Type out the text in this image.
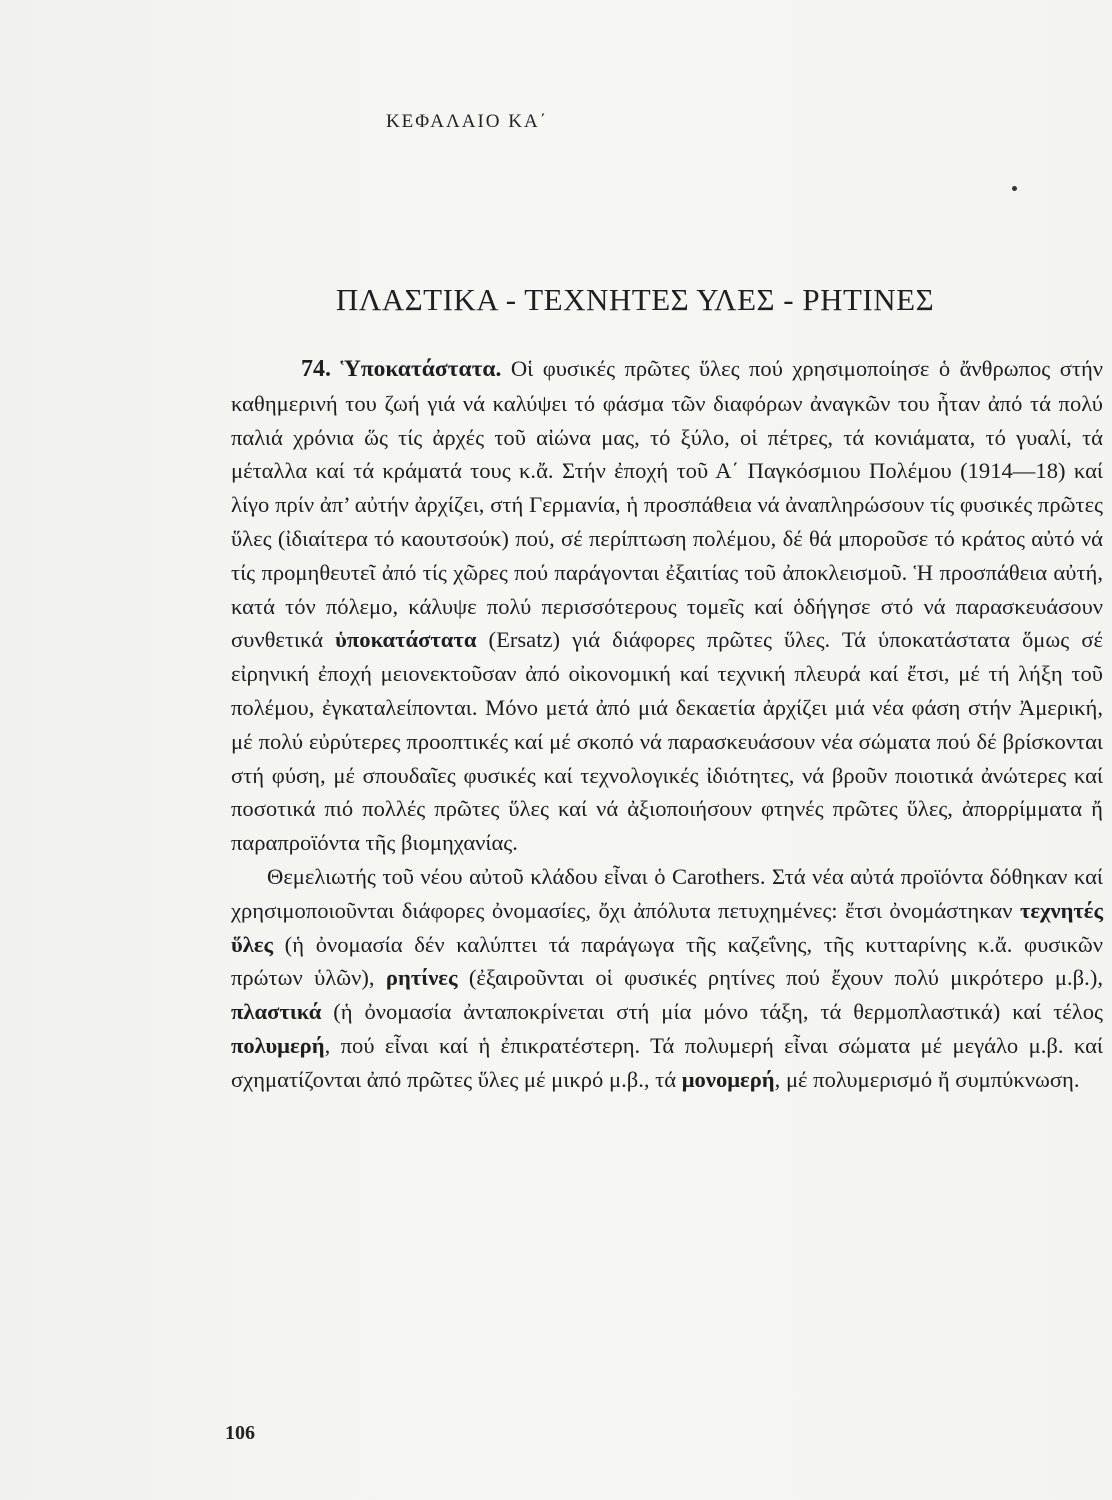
ΚΕΦΑΛΑΙΟ ΚΑ΄
ΠΛΑΣΤΙΚΑ - ΤΕΧΝΗΤΕΣ ΥΛΕΣ - ΡΗΤΙΝΕΣ

74. Ὑποκατάστατα. Οἱ φυσικές πρῶτες ὕλες πού χρησιμοποίησε ὁ ἄνθρωπος στήν καθημερινή του ζωή γιά νά καλύψει τό φάσμα τῶν διαφόρων ἀναγκῶν του ἦταν ἀπό τά πολύ παλιά χρόνια ὥς τίς ἀρχές τοῦ αἰώνα μας, τό ξύλο, οἱ πέτρες, τά κονιάματα, τό γυαλί, τά μέταλλα καί τά κράματά τους κ.ἄ. Στήν ἐποχή τοῦ Α΄ Παγκόσμιου Πολέμου (1914—18) καί λίγο πρίν ἀπ’ αὐτήν ἀρχίζει, στή Γερμανία, ἡ προσπάθεια νά ἀναπληρώσουν τίς φυσικές πρῶτες ὕλες (ἰδιαίτερα τό καουτσούκ) πού, σέ περίπτωση πολέμου, δέ θά μποροῦσε τό κράτος αὐτό νά τίς προμηθευτεῖ ἀπό τίς χῶρες πού παράγονται ἐξαιτίας τοῦ ἀποκλεισμοῦ. Ἡ προσπάθεια αὐτή, κατά τόν πόλεμο, κάλυψε πολύ περισσότερους τομεῖς καί ὁδήγησε στό νά παρασκευάσουν συνθετικά ὑποκατάστατα (Ersatz) γιά διάφορες πρῶτες ὕλες. Τά ὑποκατάστατα ὅμως σέ εἰρηνική ἐποχή μειονεκτοῦσαν ἀπό οἰκονομική καί τεχνική πλευρά καί ἔτσι, μέ τή λήξη τοῦ πολέμου, ἐγκαταλείπονται. Μόνο μετά ἀπό μιά δεκαετία ἀρχίζει μιά νέα φάση στήν Ἀμερική, μέ πολύ εὐρύτερες προοπτικές καί μέ σκοπό νά παρασκευάσουν νέα σώματα πού δέ βρίσκονται στή φύση, μέ σπουδαῖες φυσικές καί τεχνολογικές ἰδιότητες, νά βροῦν ποιοτικά ἀνώτερες καί ποσοτικά πιό πολλές πρῶτες ὕλες καί νά ἀξιοποιήσουν φτηνές πρῶτες ὕλες, ἀπορρίμματα ἤ παραπροϊόντα τῆς βιομηχανίας.

Θεμελιωτής τοῦ νέου αὐτοῦ κλάδου εἶναι ὁ Carothers. Στά νέα αὐτά προϊόντα δόθηκαν καί χρησιμοποιοῦνται διάφορες ὀνομασίες, ὄχι ἀπόλυτα πετυχημένες: ἔτσι ὀνομάστηκαν τεχνητές ὕλες (ἡ ὀνομασία δέν καλύπτει τά παράγωγα τῆς καζεΐνης, τῆς κυτταρίνης κ.ἄ. φυσικῶν πρώτων ὑλῶν), ρητίνες (ἐξαιροῦνται οἱ φυσικές ρητίνες πού ἔχουν πολύ μικρότερο μ.β.), πλαστικά (ἡ ὀνομασία ἀνταποκρίνεται στή μία μόνο τάξη, τά θερμοπλαστικά) καί τέλος πολυμερή, πού εἶναι καί ἡ ἐπικρατέστερη. Τά πολυμερή εἶναι σώματα μέ μεγάλο μ.β. καί σχηματίζονται ἀπό πρῶτες ὕλες μέ μικρό μ.β., τά μονομερή, μέ πολυμερισμό ἤ συμπύκνωση.

106
